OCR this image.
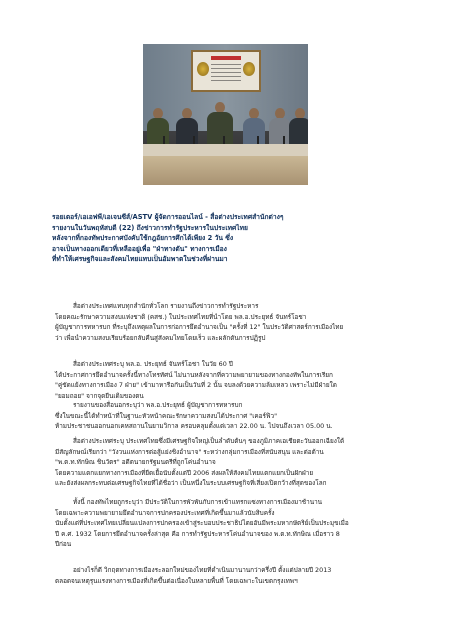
รอยเตอร์/เอเอฟพี/เอเจนซีส์/ASTV ผู้จัดการออนไลน์ - สื่อต่างประเทศสำนักต่างๆ
รายงานในวันพฤหัสบดี (22) ถึงข่าวการทำรัฐประหารในประเทศไทย
หลังจากที่กองทัพประกาศบังคับใช้กฎอัยการศึกได้เพียง 2 วัน ซึ่ง
อาจเป็นทางออกเดียวที่เหลืออยู่เพื่อ "ฝ่าทางตัน" ทางการเมือง
ที่ทำให้เศรษฐกิจและสังคมไทยแทบเป็นอัมพาตในช่วงที่ผ่านมา
สื่อต่างประเทศแทบทุกสำนักทั่วโลก รายงานถึงข่าวการทำรัฐประหาร
โดยคณะรักษาความสงบแห่งชาติ (คสช.) ในประเทศไทยที่นำโดย พล.อ.ประยุทธ์ จันทร์โอชา
ผู้บัญชาการทหารบก ที่ระบุถึงเหตุผลในการก่อการยึดอำนาจเป็น "ครั้งที่ 12" ในประวัติศาสตร์การเมืองไทย
ว่า เพื่อนำความสงบเรียบร้อยกลับคืนสู่สังคมไทยโดยเร็ว และผลักดันการปฏิรูป
สื่อต่างประเทศระบุ พล.อ. ประยุทธ์ จันทร์โอชา ในวัย 60 ปี
ได้ประกาศการยึดอำนาจครั้งนี้ทางโทรทัศน์ ไม่นานหลังจากที่ความพยายามของทางกองทัพในการเรียก
"คู่ขัดแย้งทางการเมือง 7 ฝ่าย" เข้ามาหารือกันเป็นวันที่ 2 นั้น จบลงด้วยความล้มเหลว เพราะไม่มีฝ่ายใด
"ยอมถอย" จากจุดยืนเดิมของตน
รายงานของสื่อนอกระบุว่า พล.อ.ประยุทธ์ ผู้บัญชาการทหารบก
ซึ่งในขณะนี้ได้ทำหน้าที่ในฐานะหัวหน้าคณะรักษาความสงบได้ประกาศ "เคอร์ฟิว"
ห้ามประชาชนออกนอกเคหสถานในยามวิกาล ครอบคลุมตั้งแต่เวลา 22.00 น. ไปจนถึงเวลา 05.00 น.
สื่อต่างประเทศระบุ ประเทศไทยซึ่งมีเศรษฐกิจใหญ่เป็นลำดับต้นๆ ของภูมิภาคเอเชียตะวันออกเฉียงใต้
มีสัญลักษณ์เรียกว่า "วังวนแห่งการต่อสู้แย่งชิงอำนาจ" ระหว่างกลุ่มการเมืองที่สนับสนุน และต่อต้าน
"พ.ต.ท.ทักษิณ ชินวัตร" อดีตนายกรัฐมนตรีที่ถูกโค่นอำนาจ
โดยความแตกแยกทางการเมืองที่ยืดเยื้อนับตั้งแต่ปี 2006 ส่งผลให้สังคมไทยแตกแยกเป็นฝักฝ่าย
และยังส่งผลกระทบต่อเศรษฐกิจไทยที่ได้ชื่อว่า เป็นหนึ่งในระบบเศรษฐกิจที่เสี่ยงเปิดกว้างที่สุดของโลก
ทั้งนี้ กองทัพไทยถูกระบุว่า มีประวัติในการพัวพันกับการเข้าแทรกแซงทางการเมืองมาช้านาน
โดยเฉพาะความพยายามยึดอำนาจการปกครองประเทศที่เกิดขึ้นมาแล้วนับสิบครั้ง
นับตั้งแต่ที่ประเทศไทยเปลี่ยนแปลงการปกครองเข้าสู่ระบอบประชาธิปไตยอันมีพระมหากษัตริย์เป็นประมุขเมื่อ
ปี ค.ศ. 1932 โดยการยึดอำนาจครั้งล่าสุด คือ การทำรัฐประหารโค่นอำนาจของ พ.ต.ท.ทักษิณ เมื่อราว 8
ปีก่อน
อย่างไรก็ดี วิกฤตทางการเมืองระลอกใหม่ของไทยที่ดำเนินมานานกว่าครึ่งปี ตั้งแต่ปลายปี 2013
ตลอดจนเหตุรุนแรงทางการเมืองที่เกิดขึ้นต่อเนื่องในหลายพื้นที่ โดยเฉพาะในเขตกรุงเทพฯ
